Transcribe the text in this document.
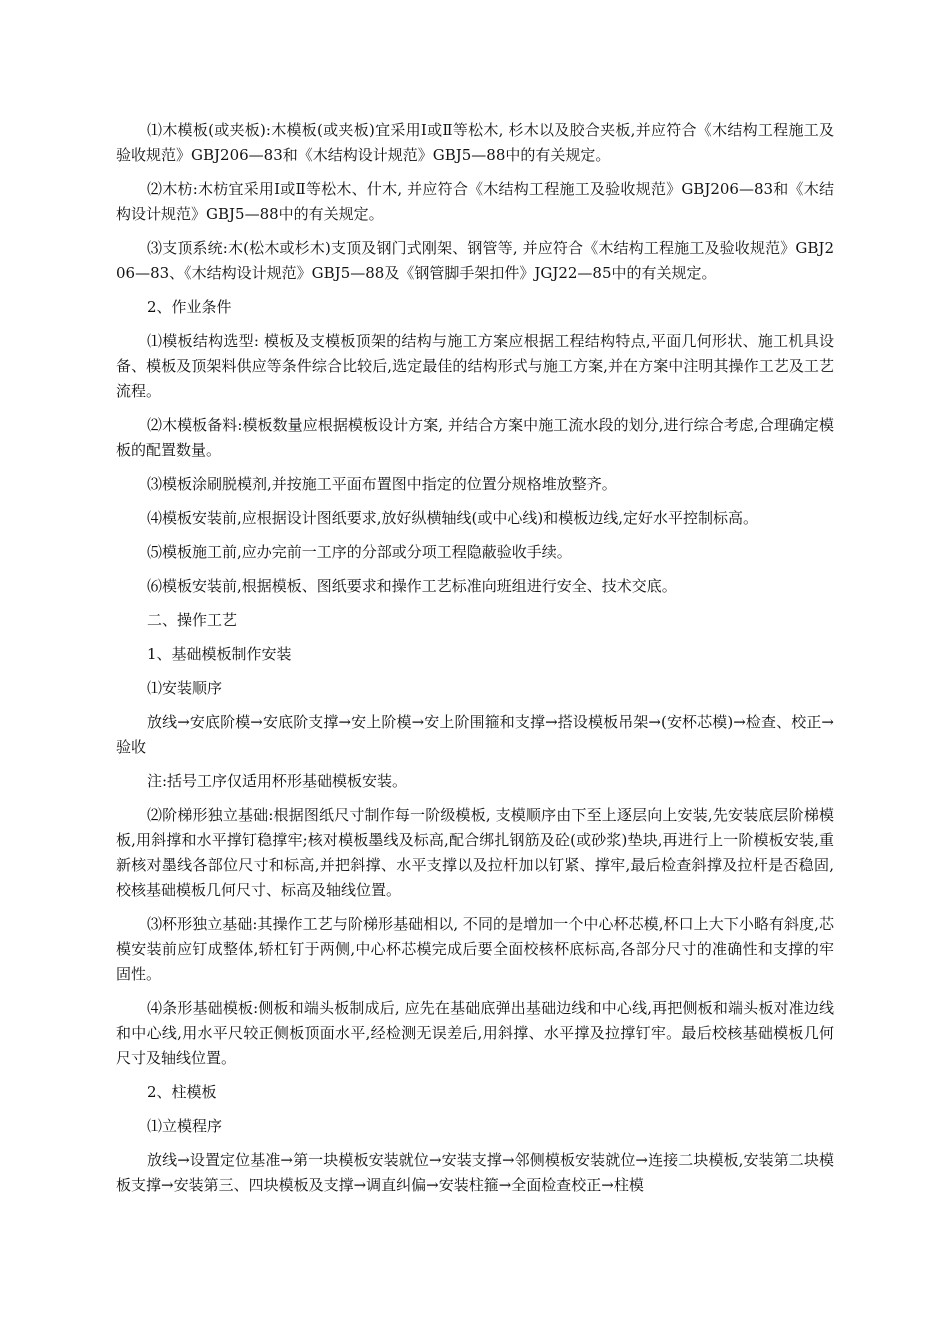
⑴木模板(或夹板):木模板(或夹板)宜采用Ⅰ或Ⅱ等松木, 杉木以及胶合夹板,并应符合《木结构工程施工及验收规范》GBJ206—83和《木结构设计规范》GBJ5—88中的有关规定。

⑵木枋:木枋宜采用Ⅰ或Ⅱ等松木、什木, 并应符合《木结构工程施工及验收规范》GBJ206—83和《木结构设计规范》GBJ5—88中的有关规定。

⑶支顶系统:木(松木或杉木)支顶及钢门式刚架、钢管等, 并应符合《木结构工程施工及验收规范》GBJ206—83、《木结构设计规范》GBJ5—88及《钢管脚手架扣件》JGJ22—85中的有关规定。

2、作业条件

⑴模板结构选型: 模板及支模板顶架的结构与施工方案应根据工程结构特点,平面几何形状、施工机具设备、模板及顶架料供应等条件综合比较后,选定最佳的结构形式与施工方案,并在方案中注明其操作工艺及工艺流程。

⑵木模板备料:模板数量应根据模板设计方案, 并结合方案中施工流水段的划分,进行综合考虑,合理确定模板的配置数量。

⑶模板涂刷脱模剂,并按施工平面布置图中指定的位置分规格堆放整齐。

⑷模板安装前,应根据设计图纸要求,放好纵横轴线(或中心线)和模板边线,定好水平控制标高。

⑸模板施工前,应办完前一工序的分部或分项工程隐蔽验收手续。

⑹模板安装前,根据模板、图纸要求和操作工艺标准向班组进行安全、技术交底。

二、操作工艺

1、基础模板制作安装

⑴安装顺序

放线→安底阶模→安底阶支撑→安上阶模→安上阶围箍和支撑→搭设模板吊架→(安杯芯模)→检查、校正→验收

注:括号工序仅适用杯形基础模板安装。

⑵阶梯形独立基础:根据图纸尺寸制作每一阶级模板, 支模顺序由下至上逐层向上安装,先安装底层阶梯模板,用斜撑和水平撑钉稳撑牢;核对模板墨线及标高,配合绑扎钢筋及砼(或砂浆)垫块,再进行上一阶模板安装,重新核对墨线各部位尺寸和标高,并把斜撑、水平支撑以及拉杆加以钉紧、撑牢,最后检查斜撑及拉杆是否稳固,校核基础模板几何尺寸、标高及轴线位置。

⑶杯形独立基础:其操作工艺与阶梯形基础相以, 不同的是增加一个中心杯芯模,杯口上大下小略有斜度,芯模安装前应钉成整体,轿杠钉于两侧,中心杯芯模完成后要全面校核杯底标高,各部分尺寸的准确性和支撑的牢固性。

⑷条形基础模板:侧板和端头板制成后, 应先在基础底弹出基础边线和中心线,再把侧板和端头板对准边线和中心线,用水平尺较正侧板顶面水平,经检测无误差后,用斜撑、水平撑及拉撑钉牢。最后校核基础模板几何尺寸及轴线位置。

2、柱模板

⑴立模程序

放线→设置定位基准→第一块模板安装就位→安装支撑→邻侧模板安装就位→连接二块模板,安装第二块模板支撑→安装第三、四块模板及支撑→调直纠偏→安装柱箍→全面检查校正→柱模
